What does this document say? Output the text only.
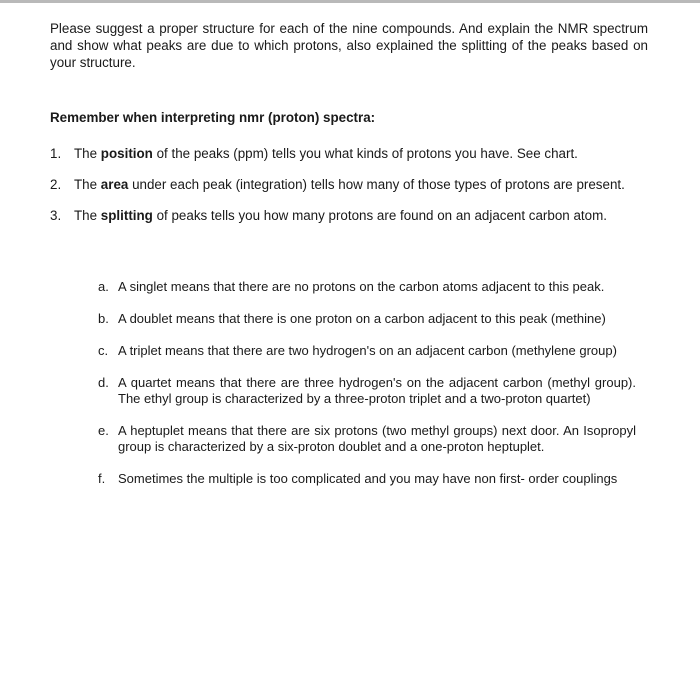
Please suggest a proper structure for each of the nine compounds. And explain the NMR spectrum and show what peaks are due to which protons, also explained the splitting of the peaks based on your structure.

Remember when interpreting nmr (proton) spectra:

1. The position of the peaks (ppm) tells you what kinds of protons you have. See chart.
2. The area under each peak (integration) tells how many of those types of protons are present.
3. The splitting of peaks tells you how many protons are found on an adjacent carbon atom.
a. A singlet means that there are no protons on the carbon atoms adjacent to this peak.
b. A doublet means that there is one proton on a carbon adjacent to this peak (methine)
c. A triplet means that there are two hydrogen's on an adjacent carbon (methylene group)
d. A quartet means that there are three hydrogen's on the adjacent carbon (methyl group). The ethyl group is characterized by a three-proton triplet and a two-proton quartet)
e. A heptuplet means that there are six protons (two methyl groups) next door. An Isopropyl group is characterized by a six-proton doublet and a one-proton heptuplet.
f. Sometimes the multiple is too complicated and you may have non first- order couplings
